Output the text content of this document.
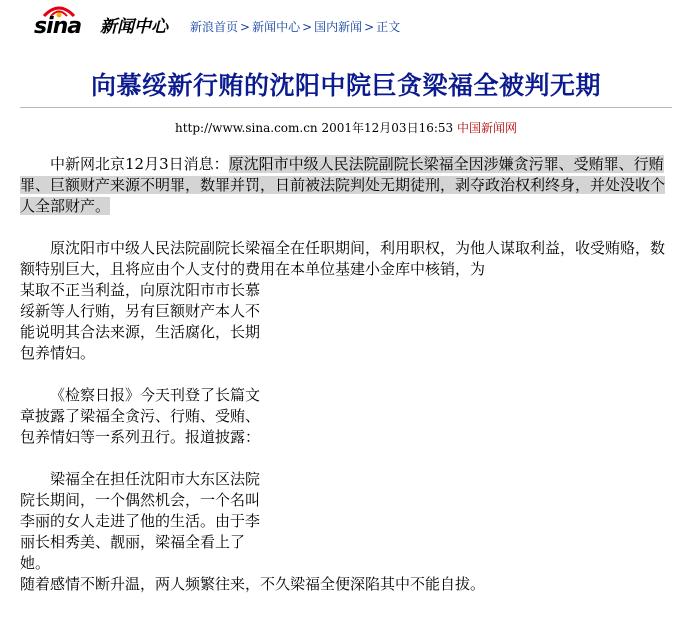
sina 新闻中心 新浪首页 > 新闻中心 > 国内新闻 > 正文
向慕绥新行贿的沈阳中院巨贪梁福全被判无期
http://www.sina.com.cn 2001年12月03日16:53 中国新闻网

中新网北京12月3日消息：原沈阳市中级人民法院副院长梁福全因涉嫌贪污罪、受贿罪、行贿罪、巨额财产来源不明罪，数罪并罚，日前被法院判处无期徒刑，剥夺政治权利终身，并处没收个人全部财产。

原沈阳市中级人民法院副院长梁福全在任职期间，利用职权，为他人谋取利益，收受贿赂，数额特别巨大，且将应由个人支付的费用在本单位基建小金库中核销，为

某取不正当利益，向原沈阳市市长慕绥新等人行贿，另有巨额财产本人不能说明其合法来源，生活腐化，长期包养情妇。

《检察日报》今天刊登了长篇文章披露了梁福全贪污、行贿、受贿、包养情妇等一系列丑行。报道披露：

梁福全在担任沈阳市大东区法院院长期间，一个偶然机会，一个名叫李丽的女人走进了他的生活。由于李丽长相秀美、靓丽，梁福全看上了她。

随着感情不断升温，两人频繁往来，不久梁福全便深陷其中不能自拔。
